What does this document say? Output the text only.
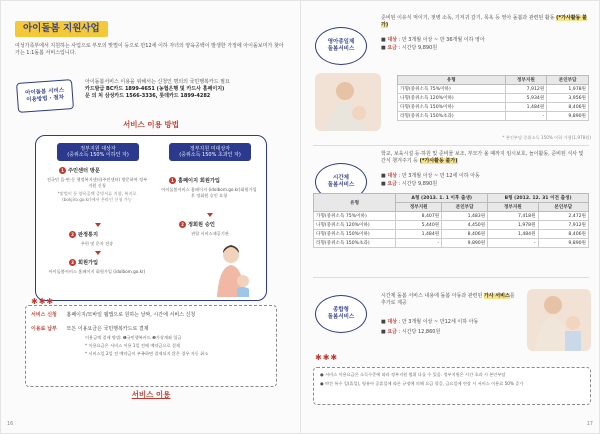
아이돌봄 지원사업
여성가족부에서 지원하는 사업으로 부모의 맞벌이 등으로 만12세 이하 자녀의 양육공백이 발생한 가정에 아이돌보미가 찾아가는 1:1돌봄 서비스입니다.
아이돌봄 서비스
이용방법 · 절차
아이돌봄서비스 이용을 위해서는 신청인 명의의 국민행복카드 필요
카드발급 BC카드 1899-4651 (농협은행 및 카드사 홈페이지)
문 의 처 삼성카드 1566-3336, 롯데카드 1899-4282
서비스 이용 방법
정부지원 대상자
(중위소득 150% 이하인 자)
정부지원 미대상자
(중위소득 150% 초과인 자)
1 주민센터 방문
전국민 읍·면·동 행정복지센터(주민센터) 방문하여 정부지원 신청
*맞벌이 등 양육공백 증빙서류 지참, 복지로(bokjiro.go.kr)에서 온라인 신청 가능
2 판정통지
우편 및 문자 전송
3 회원가입
아이돌봄서비스 홈페이지 회원가입 (idolbom.go.kr)
1 홈페이지 회원가입
아이돌봄서비스 홈페이지 (idolbom.go.kr)회원가입 후 정회원 승인 요청
2 정회원 승인
관할 서비스제공기관
서비스 신청 홈페이지/모바일 웹앱으로 원하는 날짜, 시간에 서비스 신청
이용료 납부 모든 이용요금은 국민행복카드로 결제
이용금액 결제 방법: ❶국민행복카드 ❷가상계좌 입금
* 이용요금은 서비스 이용 1일 전에 예약금으로 결제
* 서비스일 2일 전 예약금이 부족하면 결제되지 않은 경우 자동 취소
✱✱✱
서비스 이용
16
영아종일제
돌봄서비스
준비된 이유식 먹이기, 젖병 소독, 기저귀 갈기, 목욕 등 영아 돌봄과 관련된 활동 (*가사활동 불가)
■ 대상 : 만 3개월 이상 ~ 만 36개월 이하 영아
■ 요금 : 시간당 9,890원
유형	정부지원	본인부담
가형(중위소득 75%이하)	7,912원	1,978원
나형(중위소득 120%이하)	5,934원	3,956원
다형(중위소득 150%이하)	1,484원	8,406원
라형(중위소득 150%초과)	-	9,890원
* 본인부담 중위소득 150% 이하 가형(1,978원)
시간제
돌봄서비스
학교, 보육시설 등·하원 및 준비물 보조, 부모가 올 때까지 임시보호, 놀이활동, 준비된 식사 및 간식 챙겨주기 등 (*가사활동 불가)
■ 대상 : 만 3개월 이상 ~ 만 12세 이하 아동
■ 요금 : 시간당 9,890원
유형	A형 (2013. 1. 1 이후 출생)		B형 (2012. 12. 31 이전 출생)	
	정부지원	본인부담	정부지원	본인부담
가형(중위소득 75%이하)	8,407원	1,483원	7,418원	2,472원
나형(중위소득 120%이하)	5,440원	4,450원	1,978원	7,912원
다형(중위소득 150%이하)	1,484원	8,406원	1,484원	8,406원
라형(중위소득 150%초과)	-	9,890원	-	9,890원
종합형
돌봄서비스
시간제 돌봄 서비스 내용에 돌봄 아동과 관련된 가사 서비스를 추가로 제공
■ 대상 : 만 3개월 이상 ~ 만12세 이하 아동
■ 요금 : 시간당 12,860원
✱✱✱
● 서비스 이용요금은 소득수준에 따라 정부지원 범위 다를 수 있음. 정부지원은 시간 초과 시 본인부담
● 야간 특수 일(휴일), 영유아 공휴일에 따른 규정에 의해 요금 할증, 금요일에 연장 시 서비스 이용료 50% 증가
17
